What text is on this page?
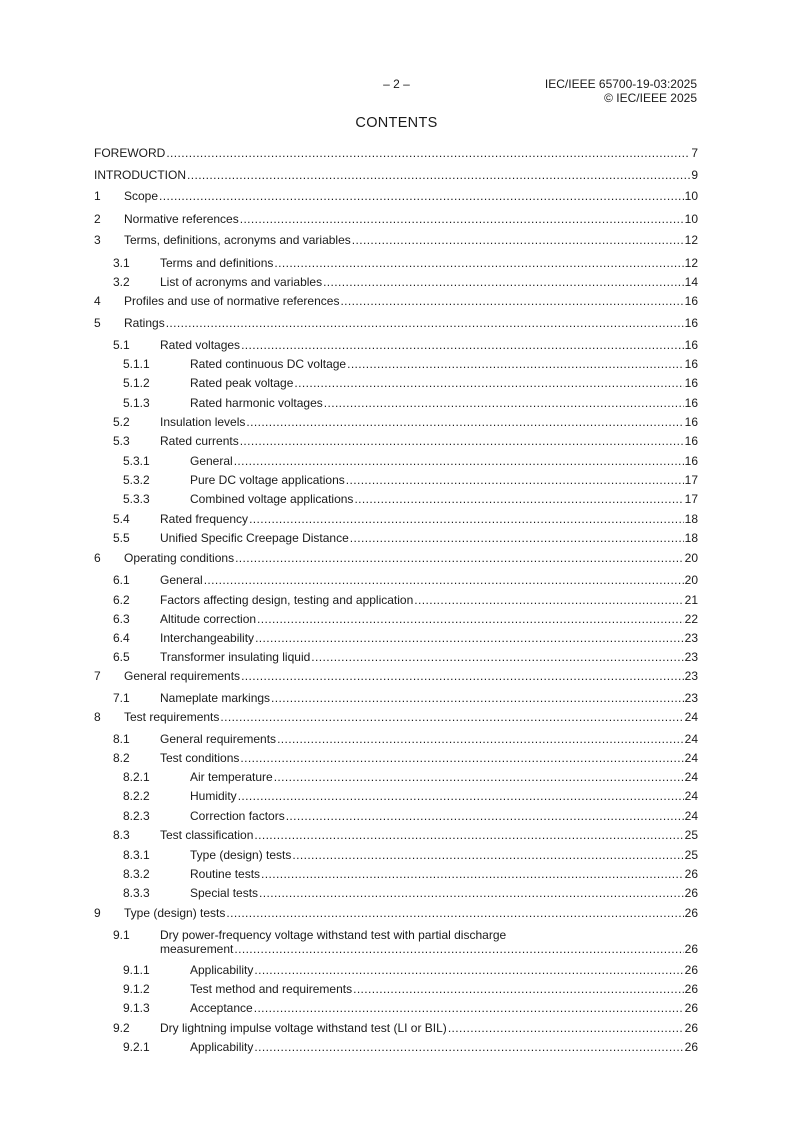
– 2 –	IEC/IEEE 65700-19-03:2025
© IEC/IEEE 2025
CONTENTS
FOREWORD .....	7
INTRODUCTION .....	9
1 Scope .....	10
2 Normative references .....	10
3 Terms, definitions, acronyms and variables .....	12
3.1	Terms and definitions .....	12
3.2	List of acronyms and variables .....	14
4 Profiles and use of normative references .....	16
5 Ratings .....	16
5.1	Rated voltages .....	16
5.1.1	Rated continuous DC voltage .....	16
5.1.2	Rated peak voltage .....	16
5.1.3	Rated harmonic voltages .....	16
5.2	Insulation levels .....	16
5.3	Rated currents .....	16
5.3.1	General .....	16
5.3.2	Pure DC voltage applications .....	17
5.3.3	Combined voltage applications .....	17
5.4	Rated frequency .....	18
5.5	Unified Specific Creepage Distance .....	18
6 Operating conditions .....	20
6.1	General .....	20
6.2	Factors affecting design, testing and application .....	21
6.3	Altitude correction .....	22
6.4	Interchangeability .....	23
6.5	Transformer insulating liquid .....	23
7 General requirements .....	23
7.1	Nameplate markings .....	23
8 Test requirements .....	24
8.1	General requirements .....	24
8.2	Test conditions .....	24
8.2.1	Air temperature .....	24
8.2.2	Humidity .....	24
8.2.3	Correction factors .....	24
8.3	Test classification .....	25
8.3.1	Type (design) tests .....	25
8.3.2	Routine tests .....	26
8.3.3	Special tests .....	26
9 Type (design) tests .....	26
9.1	Dry power-frequency voltage withstand test with partial discharge
measurement .....	26
9.1.1	Applicability .....	26
9.1.2	Test method and requirements .....	26
9.1.3	Acceptance .....	26
9.2	Dry lightning impulse voltage withstand test (LI or BIL) .....	26
9.2.1	Applicability .....	26
